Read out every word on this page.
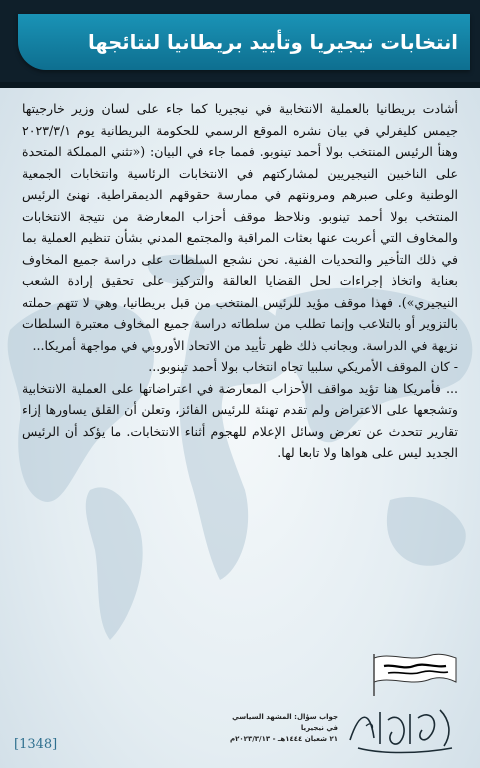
انتخابات نيجيريا وتأييد بريطانيا لنتائجها

أشادت بريطانيا بالعملية الانتخابية في نيجيريا كما جاء على لسان وزير خارجيتها جيمس كليفرلي في بيان نشره الموقع الرسمي للحكومة البريطانية يوم ٢٠٢٣/٣/١ وهنأ الرئيس المنتخب بولا أحمد تينوبو. فمما جاء في البيان: («تثني المملكة المتحدة على الناخبين النيجيريين لمشاركتهم في الانتخابات الرئاسية وانتخابات الجمعية الوطنية وعلى صبرهم ومرونتهم في ممارسة حقوقهم الديمقراطية. نهنئ الرئيس المنتخب بولا أحمد تينوبو. ونلاحظ موقف أحزاب المعارضة من نتيجة الانتخابات والمخاوف التي أعربت عنها بعثات المراقبة والمجتمع المدني بشأن تنظيم العملية بما في ذلك التأخير والتحديات الفنية. نحن نشجع السلطات على دراسة جميع المخاوف بعناية واتخاذ إجراءات لحل القضايا العالقة والتركيز على تحقيق إرادة الشعب النيجيري»). فهذا موقف مؤيد للرئيس المنتخب من قبل بريطانيا، وهي لا تتهم حملته بالتزوير أو بالتلاعب وإنما تطلب من سلطاته دراسة جميع المخاوف معتبرة السلطات نزيهة في الدراسة. وبجانب ذلك ظهر تأييد من الاتحاد الأوروبي في مواجهة أمريكا...

- كان الموقف الأمريكي سلبيا تجاه انتخاب بولا أحمد تينوبو...

... فأمريكا هنا تؤيد مواقف الأحزاب المعارضة في اعتراضاتها على العملية الانتخابية وتشجعها على الاعتراض ولم تقدم تهنئة للرئيس الفائز، وتعلن أن القلق يساورها إزاء تقارير تتحدث عن تعرض وسائل الإعلام للهجوم أثناء الانتخابات. ما يؤكد أن الرئيس الجديد ليس على هواها ولا تابعا لها.

جواب سؤال: المشهد السياسي في نيجيريا
٢١ شعبان ١٤٤٤هـ - ٢٠٢٣/٣/١٣م
[1348]
